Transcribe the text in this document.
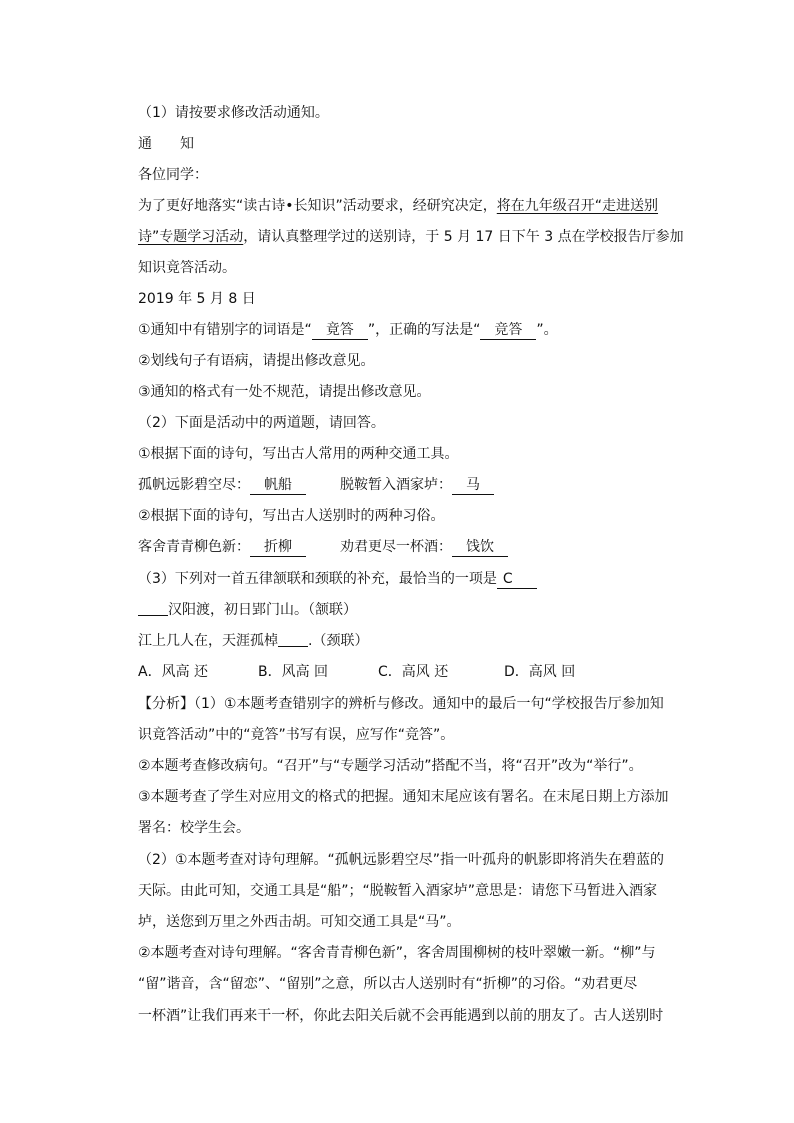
（1）请按要求修改活动通知。
通　　知
各位同学：
为了更好地落实“读古诗•长知识”活动要求，经研究决定，将在九年级召开“走进送别
诗”专题学习活动，请认真整理学过的送别诗，于 5 月 17 日下午 3 点在学校报告厅参加
知识竟答活动。
2019 年 5 月 8 日
①通知中有错别字的词语是“ 竟答 ”，正确的写法是“ 竞答 ”。
②划线句子有语病，请提出修改意见。
③通知的格式有一处不规范，请提出修改意见。
（2）下面是活动中的两道题，请回答。
①根据下面的诗句，写出古人常用的两种交通工具。
孤帆远影碧空尽： 帆船	脱鞍暂入酒家垆： 马
②根据下面的诗句，写出古人送别时的两种习俗。
客舍青青柳色新： 折柳	劝君更尽一杯酒： 饯饮
（3）下列对一首五律颔联和颈联的补充，最恰当的一项是 C
汉阳渡，初日郢门山。（颔联）
江上几人在，天涯孤棹 .（颈联）
A．风高 还	B．风高 回	C．高风 还	D．高风 回
【分析】（1）①本题考查错别字的辨析与修改。通知中的最后一句“学校报告厅参加知
识竟答活动”中的“竟答”书写有误，应写作“竞答”。
②本题考查修改病句。“召开”与“专题学习活动”搭配不当，将“召开”改为“举行”。
③本题考查了学生对应用文的格式的把握。通知末尾应该有署名。在末尾日期上方添加
署名：校学生会。
（2）①本题考查对诗句理解。“孤帆远影碧空尽”指一叶孤舟的帆影即将消失在碧蓝的
天际。由此可知，交通工具是“船”；“脱鞍暂入酒家垆”意思是：请您下马暂进入酒家
垆，送您到万里之外西击胡。可知交通工具是“马”。
②本题考查对诗句理解。“客舍青青柳色新”，客舍周围柳树的枝叶翠嫩一新。“柳”与
“留”谐音，含“留恋”、“留别”之意，所以古人送别时有“折柳”的习俗。“劝君更尽
一杯酒”让我们再来干一杯，你此去阳关后就不会再能遇到以前的朋友了。古人送别时
